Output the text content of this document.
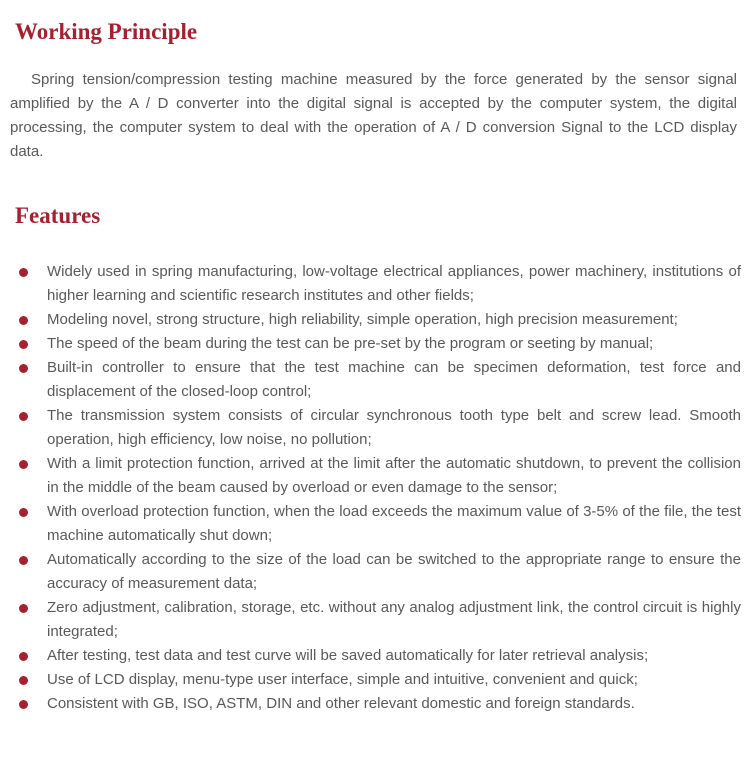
Working Principle

Spring tension/compression testing machine measured by the force generated by the sensor signal amplified by the A / D converter into the digital signal is accepted by the computer system, the digital processing, the computer system to deal with the operation of A / D conversion Signal to the LCD display data.

Features
Widely used in spring manufacturing, low-voltage electrical appliances, power machinery, institutions of higher learning and scientific research institutes and other fields;
Modeling novel, strong structure, high reliability, simple operation, high precision measurement;
The speed of the beam during the test can be pre-set by the program or seeting by manual;
Built-in controller to ensure that the test machine can be specimen deformation, test force and displacement of the closed-loop control;
The transmission system consists of circular synchronous tooth type belt and screw lead. Smooth operation, high efficiency, low noise, no pollution;
With a limit protection function, arrived at the limit after the automatic shutdown, to prevent the collision in the middle of the beam caused by overload or even damage to the sensor;
With overload protection function, when the load exceeds the maximum value of 3-5% of the file, the test machine automatically shut down;
Automatically according to the size of the load can be switched to the appropriate range to ensure the accuracy of measurement data;
Zero adjustment, calibration, storage, etc. without any analog adjustment link, the control circuit is highly integrated;
After testing, test data and test curve will be saved automatically for later retrieval analysis;
Use of LCD display, menu-type user interface, simple and intuitive, convenient and quick;
Consistent with GB, ISO, ASTM, DIN and other relevant domestic and foreign standards.
